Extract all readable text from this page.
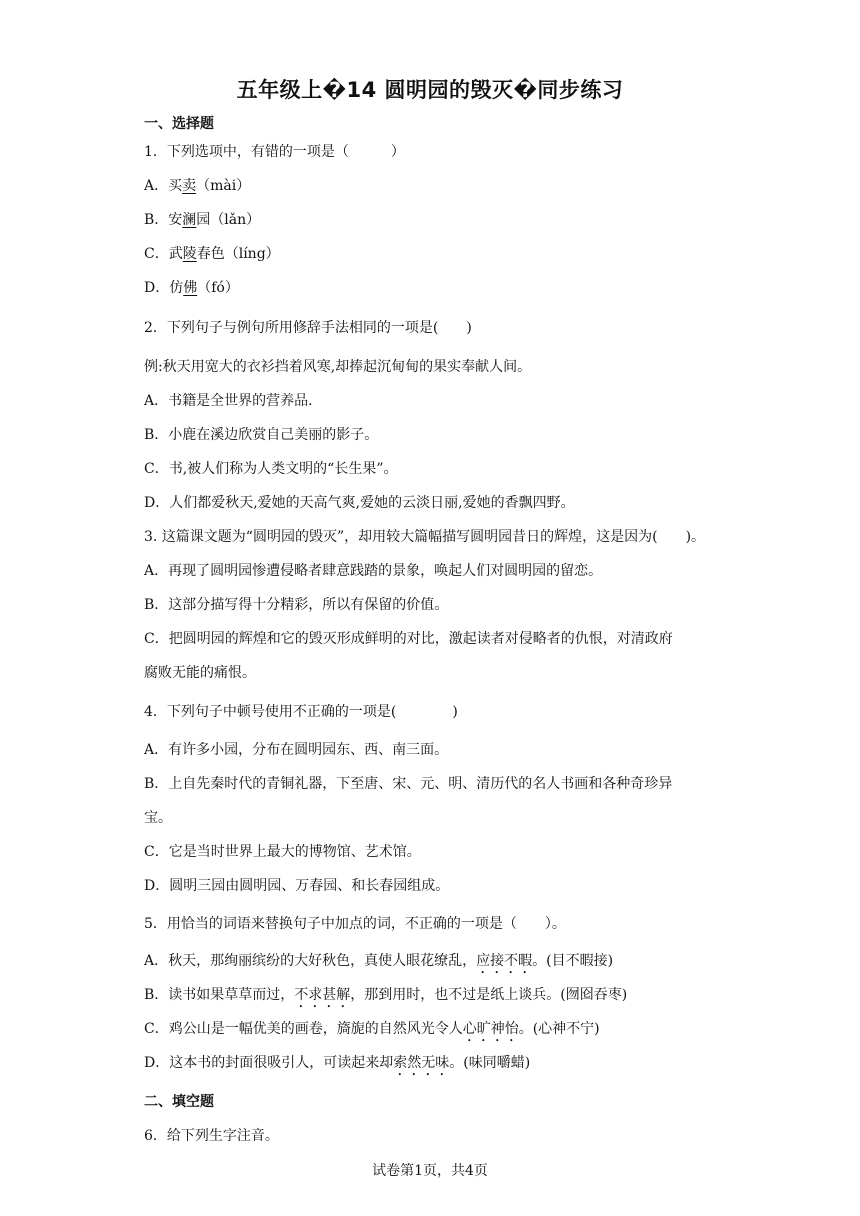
五年级上�14 圆明园的毁灭�同步练习
一、选择题
1．下列选项中，有错的一项是（　　　）
A．买卖（mài）
B．安澜园（lǎn）
C．武陵春色（líng）
D．仿佛（fó）
2．下列句子与例句所用修辞手法相同的一项是(　　)
例:秋天用宽大的衣衫挡着风寒,却捧起沉甸甸的果实奉献人间。
A．书籍是全世界的营养品.
B．小鹿在溪边欣赏自己美丽的影子。
C．书,被人们称为人类文明的“长生果”。
D．人们都爱秋天,爱她的天高气爽,爱她的云淡日丽,爱她的香飘四野。
3. 这篇课文题为“圆明园的毁灭”，却用较大篇幅描写圆明园昔日的辉煌，这是因为(　　)。
A．再现了圆明园惨遭侵略者肆意践踏的景象，唤起人们对圆明园的留恋。
B．这部分描写得十分精彩，所以有保留的价值。
C．把圆明园的辉煌和它的毁灭形成鲜明的对比，激起读者对侵略者的仇恨，对清政府
腐败无能的痛恨。
4．下列句子中顿号使用不正确的一项是(　　　　)
A．有许多小园，分布在圆明园东、西、南三面。
B．上自先秦时代的青铜礼器，下至唐、宋、元、明、清历代的名人书画和各种奇珍异
宝。
C．它是当时世界上最大的博物馆、艺术馆。
D．圆明三园由圆明园、万春园、和长春园组成。
5．用恰当的词语来替换句子中加点的词，不正确的一项是（　　）。
A．秋天，那绚丽缤纷的大好秋色，真使人眼花缭乱，应接不暇。(目不暇接)
B．读书如果草草而过，不求甚解，那到用时，也不过是纸上谈兵。(囫囵吞枣)
C．鸡公山是一幅优美的画卷，旖旎的自然风光令人心旷神怡。(心神不宁)
D．这本书的封面很吸引人，可读起来却索然无味。(味同嚼蜡)
二、填空题
6．给下列生字注音。
试卷第1页，共4页
